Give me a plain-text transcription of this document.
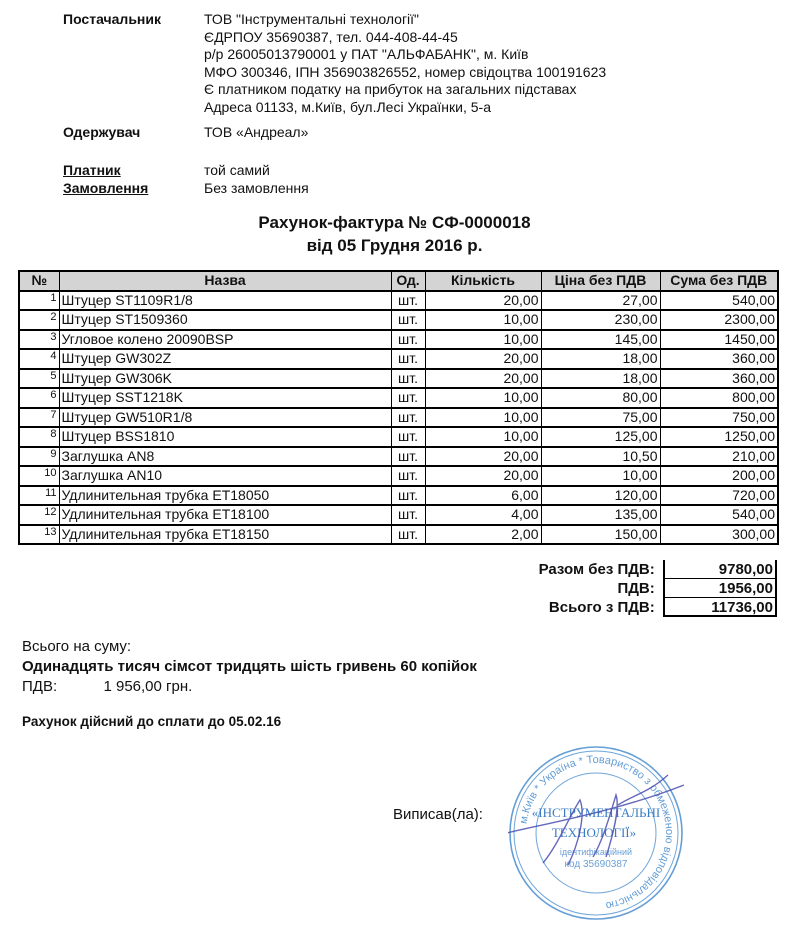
Постачальник	ТОВ "Інструментальні технології"
ЄДРПОУ 35690387, тел. 044-408-44-45
р/р 26005013790001 у ПАТ "АЛЬФАБАНК", м. Київ
МФО 300346, ІПН 356903826552, номер свідоцтва 100191623
Є платником податку на прибуток на загальних підставах
Адреса 01133, м.Київ, бул.Лесі Українки, 5-а
Одержувач	ТОВ «Андреал»
Платник	той самий
Замовлення	Без замовлення
Рахунок-фактура № СФ-0000018
від 05 Грудня 2016 р.
№	Назва	Од.	Кількість	Ціна без ПДВ	Сума без ПДВ
1	Штуцер ST1109R1/8	шт.	20,00	27,00	540,00
2	Штуцер ST1509360	шт.	10,00	230,00	2300,00
3	Угловое колено 20090BSP	шт.	10,00	145,00	1450,00
4	Штуцер GW302Z	шт.	20,00	18,00	360,00
5	Штуцер GW306K	шт.	20,00	18,00	360,00
6	Штуцер SST1218K	шт.	10,00	80,00	800,00
7	Штуцер GW510R1/8	шт.	10,00	75,00	750,00
8	Штуцер BSS1810	шт.	10,00	125,00	1250,00
9	Заглушка AN8	шт.	20,00	10,50	210,00
10	Заглушка AN10	шт.	20,00	10,00	200,00
11	Удлинительная трубка ET18050	шт.	6,00	120,00	720,00
12	Удлинительная трубка ET18100	шт.	4,00	135,00	540,00
13	Удлинительная трубка ET18150	шт.	2,00	150,00	300,00
Разом без ПДВ:	9780,00
ПДВ:	1956,00
Всього з ПДВ:	11736,00
Всього на суму:
Одинадцять тисяч сімсот тридцять шість гривень 60 копійок
ПДВ:	1 956,00 грн.
Рахунок дійсний до сплати до 05.02.16
Виписав(ла):	м.Київ * Україна * Товариство з обмеженою відповідальністю
«ІНСТРУМЕНТАЛЬНІ
ТЕХНОЛОГІЇ»
ідентифікаційний
код 35690387
